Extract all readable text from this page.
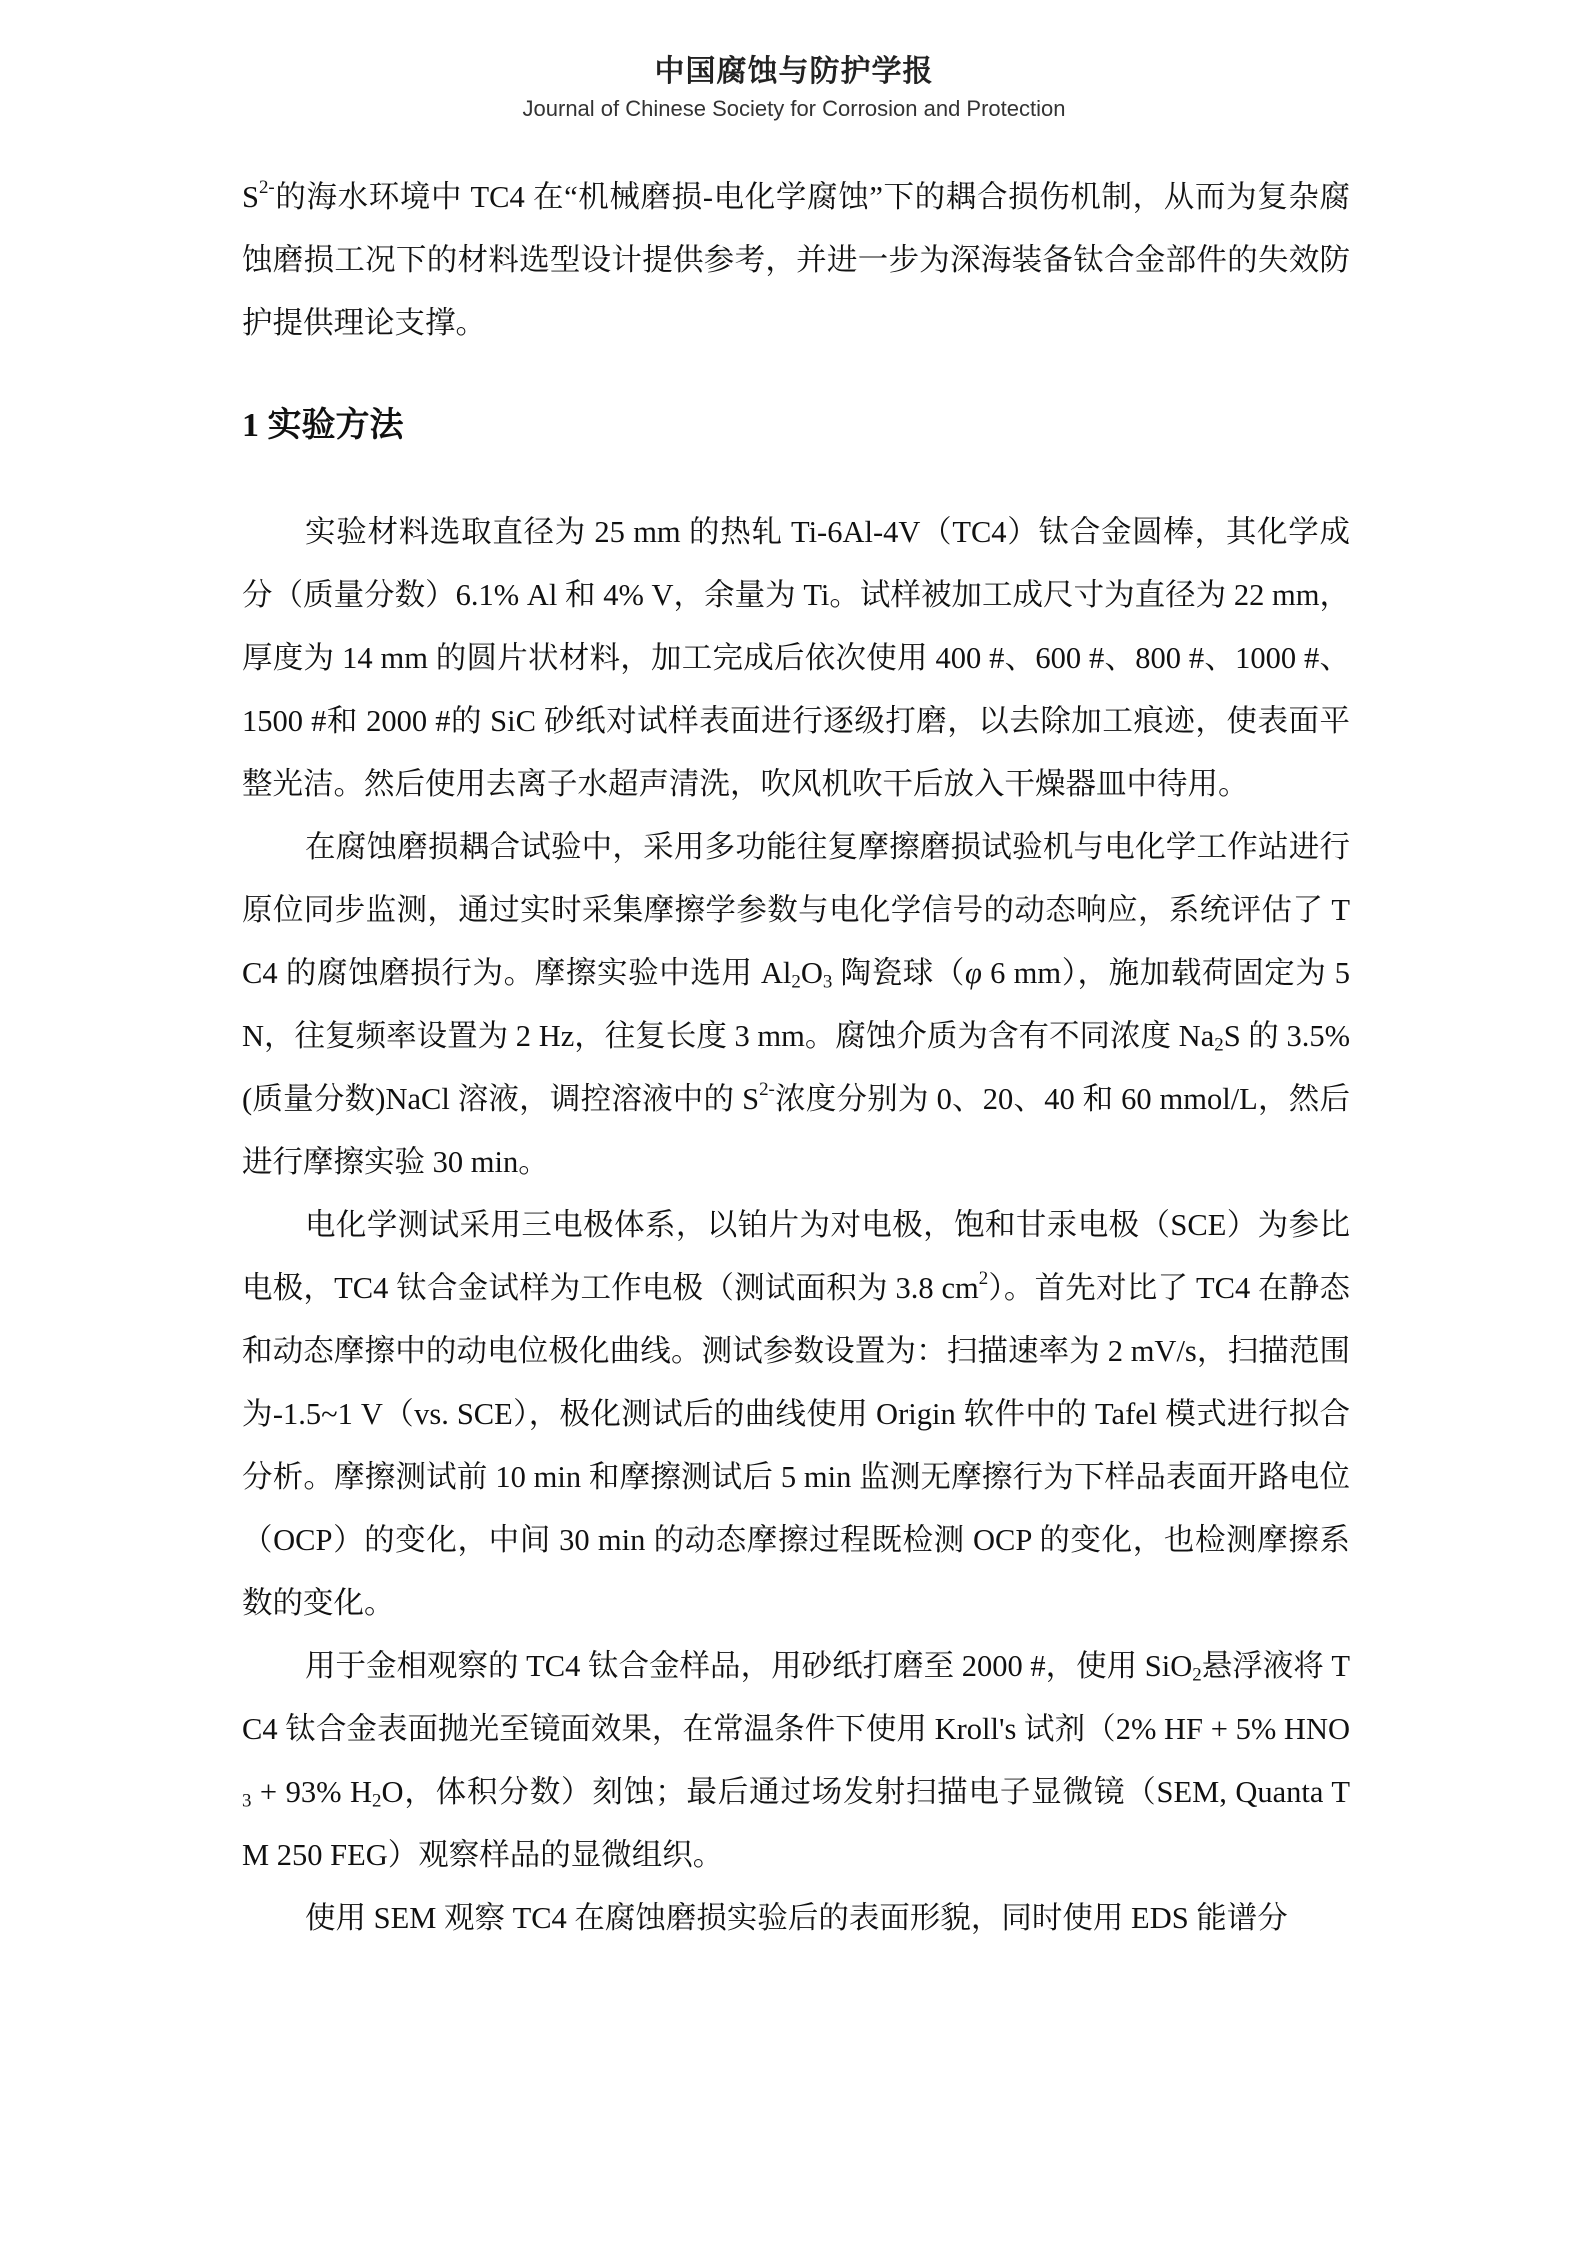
中国腐蚀与防护学报
Journal of Chinese Society for Corrosion and Protection

$S^{2-}$的海水环境中 TC4 在“机械磨损-电化学腐蚀”下的耦合损伤机制，从而为复杂腐蚀磨损工况下的材料选型设计提供参考，并进一步为深海装备钛合金部件的失效防护提供理论支撑。

1 实验方法

实验材料选取直径为 25 mm 的热轧 Ti-6Al-4V（TC4）钛合金圆棒，其化学成分（质量分数）6.1% Al 和 4% V，余量为 Ti。试样被加工成尺寸为直径为 22 mm，厚度为 14 mm 的圆片状材料，加工完成后依次使用 400 #、600 #、800 #、1000 #、1500 #和 2000 #的 SiC 砂纸对试样表面进行逐级打磨，以去除加工痕迹，使表面平整光洁。然后使用去离子水超声清洗，吹风机吹干后放入干燥器皿中待用。

在腐蚀磨损耦合试验中，采用多功能往复摩擦磨损试验机与电化学工作站进行原位同步监测，通过实时采集摩擦学参数与电化学信号的动态响应，系统评估了 TC4 的腐蚀磨损行为。摩擦实验中选用 $Al_2O_3$ 陶瓷球（φ 6 mm），施加载荷固定为 5 N，往复频率设置为 2 Hz，往复长度 3 mm。腐蚀介质为含有不同浓度 $Na_2S$ 的 3.5%(质量分数)NaCl 溶液，调控溶液中的 $S^{2-}$浓度分别为 0、20、40 和 60 mmol/L，然后进行摩擦实验 30 min。

电化学测试采用三电极体系，以铂片为对电极，饱和甘汞电极（SCE）为参比电极，TC4 钛合金试样为工作电极（测试面积为 3.8 $cm^2$）。首先对比了 TC4 在静态和动态摩擦中的动电位极化曲线。测试参数设置为：扫描速率为 2 mV/s，扫描范围为-1.5~1 V（vs. SCE），极化测试后的曲线使用 Origin 软件中的 Tafel 模式进行拟合分析。摩擦测试前 10 min 和摩擦测试后 5 min 监测无摩擦行为下样品表面开路电位（OCP）的变化，中间 30 min 的动态摩擦过程既检测 OCP 的变化，也检测摩擦系数的变化。

用于金相观察的 TC4 钛合金样品，用砂纸打磨至 2000 #，使用 SiO$_2$悬浮液将 TC4 钛合金表面抛光至镜面效果，在常温条件下使用 Kroll's 试剂（2% HF + 5% $HNO_3 + 93\%$ $H_2O$，体积分数）刻蚀；最后通过场发射扫描电子显微镜（SEM, Quanta TM 250 FEG）观察样品的显微组织。

使用 SEM 观察 TC4 在腐蚀磨损实验后的表面形貌，同时使用 EDS 能谱分
